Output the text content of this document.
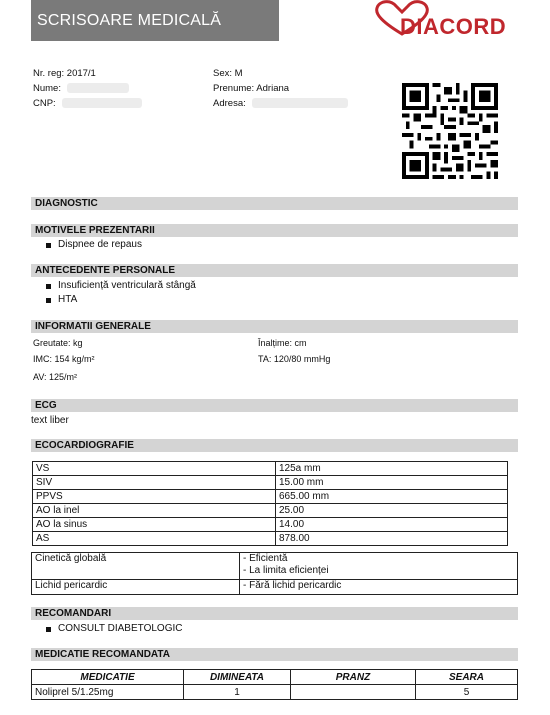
SCRISOARE MEDICALĂ	DIACORD
Nr. reg: 2017/1
Nume:
CNP:
Sex: M
Prenume: Adriana
Adresa:
DIAGNOSTIC
MOTIVELE PREZENTARII
Dispnee de repaus
ANTECEDENTE PERSONALE
Insuficiență ventriculară stângă
HTA
INFORMATII GENERALE
Greutate: kg	Înalțime: cm
IMC: 154 kg/m²	TA: 120/80 mmHg
AV: 125/m²
ECG
text liber
ECOCARDIOGRAFIE
VS	125a mm
SIV	15.00 mm
PPVS	665.00 mm
AO la inel	25.00
AO la sinus	14.00
AS	878.00
Cinetică globală	- Eficientă
- La limita eficienței

Lichid pericardic	- Fără lichid pericardic
RECOMANDARI
CONSULT DIABETOLOGIC
MEDICATIE RECOMANDATA
MEDICATIE	DIMINEATA	PRANZ	SEARA
Noliprel 5/1.25mg	1		5
